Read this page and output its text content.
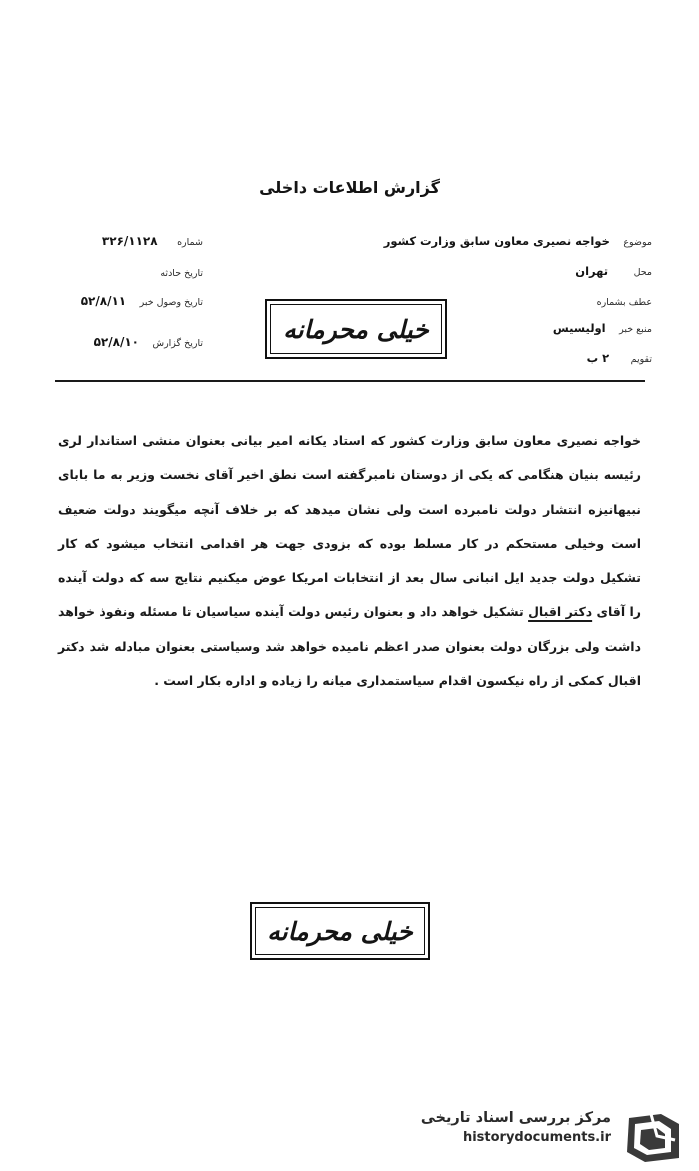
گزارش اطلاعات داخلی
شماره ۳۲۶/۱۱۲۸
تاریخ حادثه
تاریخ وصول خبر ۵۲/۸/۱۱
تاریخ گزارش ۵۲/۸/۱۰
موضوع خواجه نصیری معاون سابق وزارت کشور
محل تهران
عطف بشماره
منبع خبر اولیسیس
تقویم ۲ ب
خیلی محرمانه
خواجه نصیری معاون سابق وزارت کشور که استاد یکانه امیر بیانی بعنوان منشی استاندار لری رئیسه بنیان هنگامی که یکی از دوستان نامبرگفته است نطق اخیر آقای نخست وزیر به ما بابای نبیهانیزه انتشار دولت نامبرده است ولی نشان میدهد که بر خلاف آنچه میگویند دولت ضعیف است وخیلی مستحکم در کار مسلط بوده که بزودی جهت هر اقدامی انتخاب میشود که کار تشکیل دولت جدید ایل انبانی سال بعد از انتخابات امریکا عوض میکنیم نتایج سه که دولت آینده را آقای دکتر اقبال تشکیل خواهد داد و بعنوان رئیس دولت آینده سیاسیان تا مسئله ونفوذ خواهد داشت ولی بزرگان دولت بعنوان صدر اعظم نامیده خواهد شد وسیاستی بعنوان مبادله شد دکتر اقبال کمکی از راه نیکسون اقدام سیاستمداری میانه را زیاده و اداره بکار است .
خیلی محرمانه
مرکز بررسی اسناد تاریخی
historydocuments.ir
